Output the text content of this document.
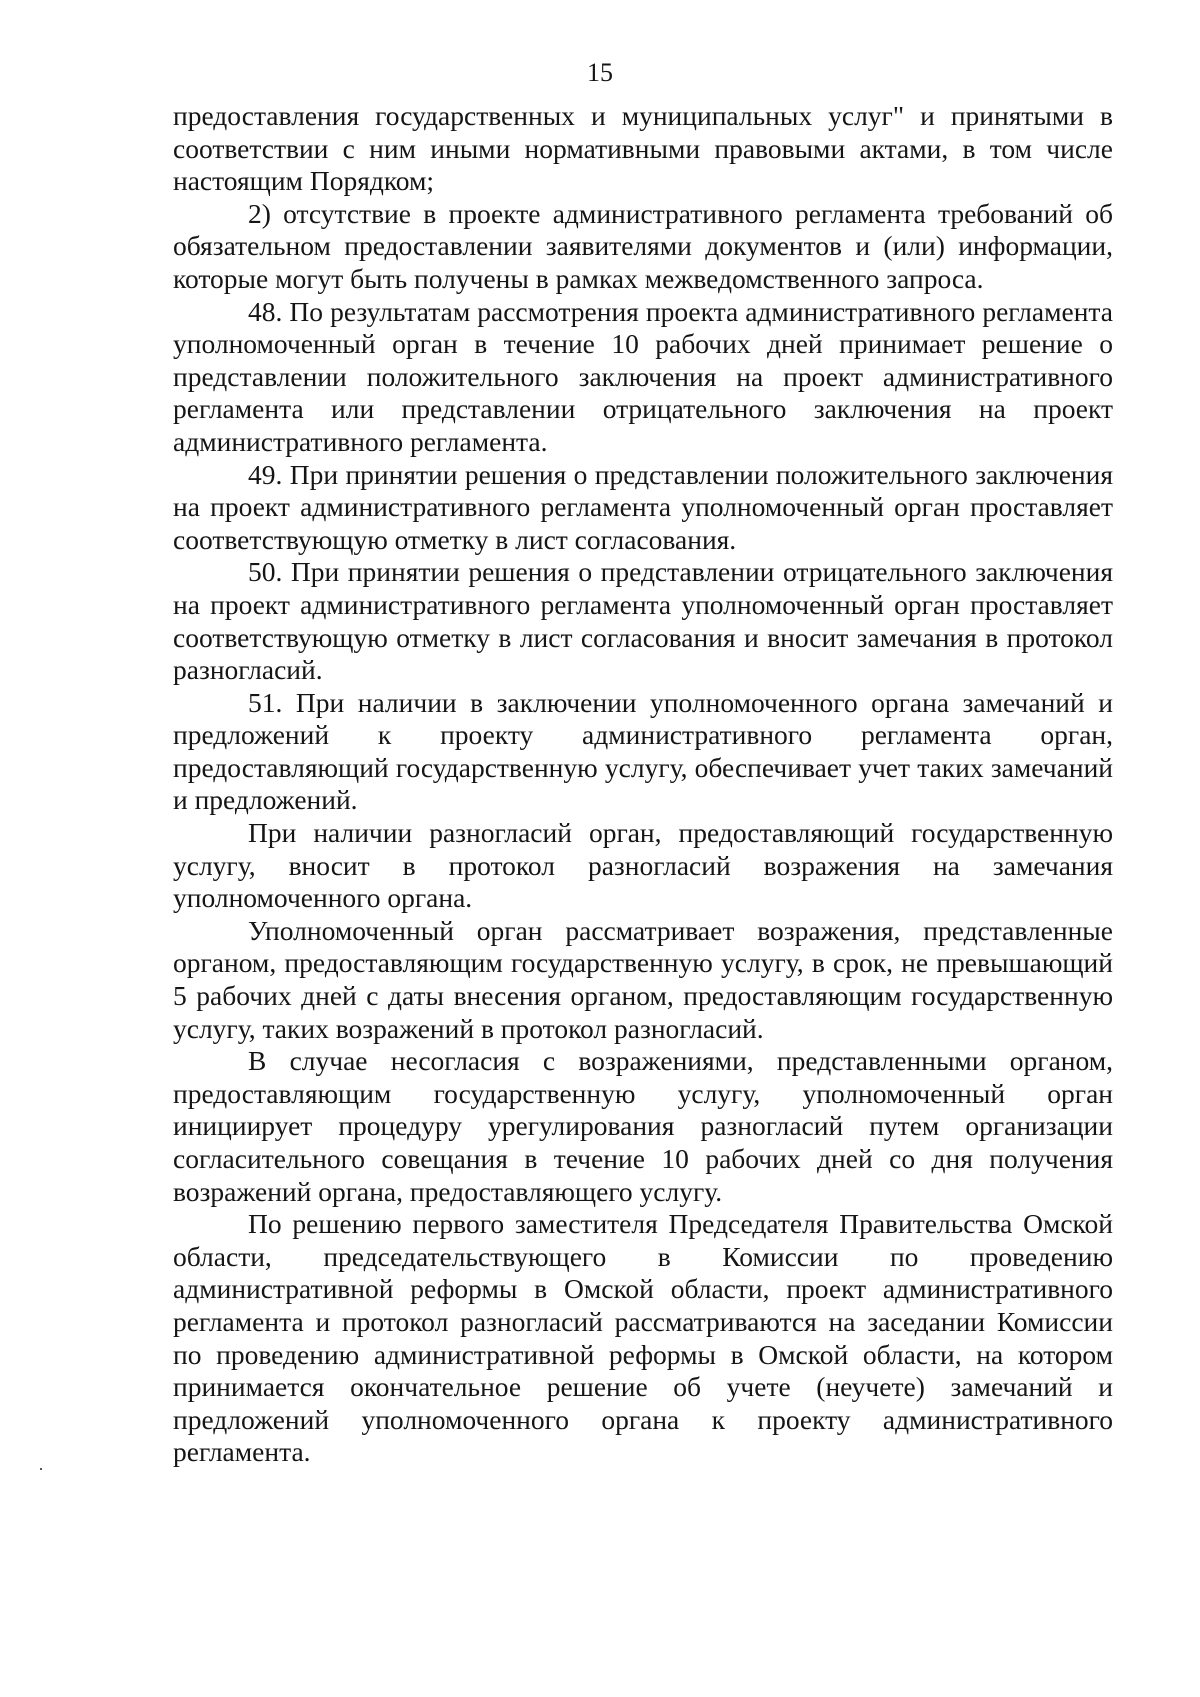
15

предоставления государственных и муниципальных услуг" и принятыми в соответствии с ним иными нормативными правовыми актами, в том числе настоящим Порядком;

2) отсутствие в проекте административного регламента требований об обязательном предоставлении заявителями документов и (или) информации, которые могут быть получены в рамках межведомственного запроса.

48. По результатам рассмотрения проекта административного регламента уполномоченный орган в течение 10 рабочих дней принимает решение о представлении положительного заключения на проект административного регламента или представлении отрицательного заключения на проект административного регламента.

49. При принятии решения о представлении положительного заключения на проект административного регламента уполномоченный орган проставляет соответствующую отметку в лист согласования.

50. При принятии решения о представлении отрицательного заключения на проект административного регламента уполномоченный орган проставляет соответствующую отметку в лист согласования и вносит замечания в протокол разногласий.

51. При наличии в заключении уполномоченного органа замечаний и предложений к проекту административного регламента орган, предоставляющий государственную услугу, обеспечивает учет таких замечаний и предложений.

При наличии разногласий орган, предоставляющий государственную услугу, вносит в протокол разногласий возражения на замечания уполномоченного органа.

Уполномоченный орган рассматривает возражения, представленные органом, предоставляющим государственную услугу, в срок, не превышающий 5 рабочих дней с даты внесения органом, предоставляющим государственную услугу, таких возражений в протокол разногласий.

В случае несогласия с возражениями, представленными органом, предоставляющим государственную услугу, уполномоченный орган инициирует процедуру урегулирования разногласий путем организации согласительного совещания в течение 10 рабочих дней со дня получения возражений органа, предоставляющего услугу.

По решению первого заместителя Председателя Правительства Омской области, председательствующего в Комиссии по проведению административной реформы в Омской области, проект административного регламента и протокол разногласий рассматриваются на заседании Комиссии по проведению административной реформы в Омской области, на котором принимается окончательное решение об учете (неучете) замечаний и предложений уполномоченного органа к проекту административного регламента.
